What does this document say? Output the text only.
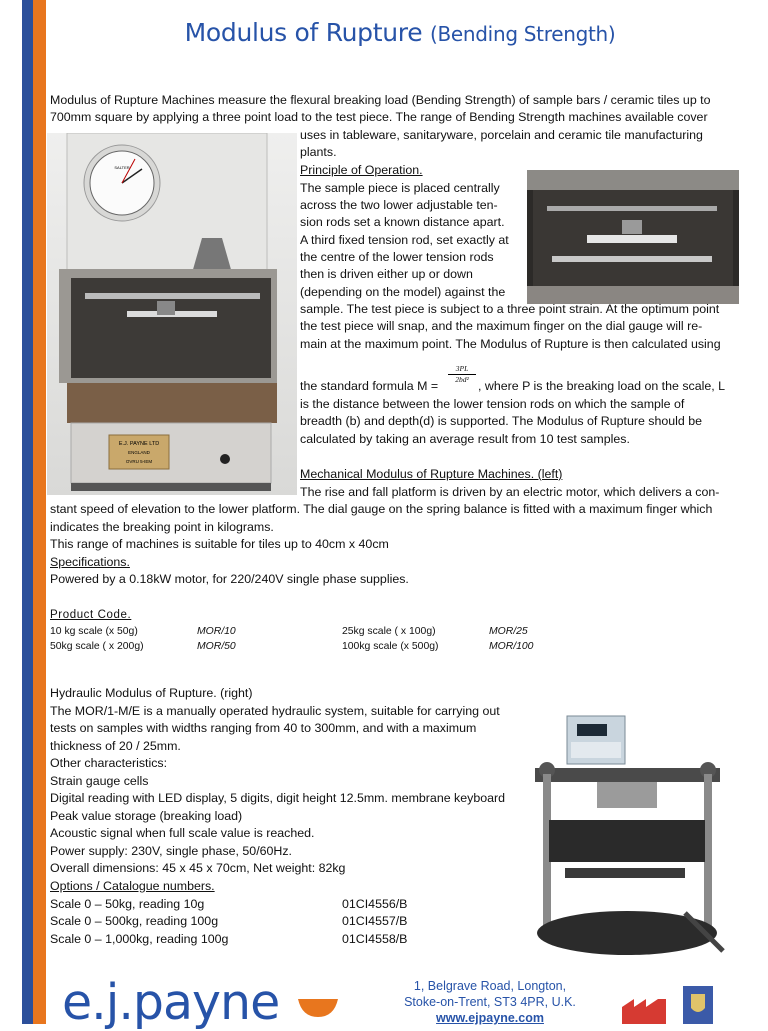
Modulus of Rupture (Bending Strength)
Modulus of Rupture Machines measure the flexural breaking load (Bending Strength) of sample bars / ceramic tiles up to
700mm square by applying a three point load to the test piece. The range of Bending Strength machines available cover
uses in tableware, sanitaryware, porcelain and ceramic tile manufacturing
plants.
SALTER
E.J. PAYNE LTD
ENGLAND
OVRU 5-IEM
Principle of Operation.
The sample piece is placed centrally
across the two lower adjustable ten-
sion rods set a known distance apart.
A third fixed tension rod, set exactly at
the centre of the lower tension rods
then is driven either up or down
(depending on the model) against the
sample. The test piece is subject to a three point strain. At the optimum point
the test piece will snap, and the maximum finger on the dial gauge will re-
main at the maximum point. The Modulus of Rupture is then calculated using
the standard formula M =
$\frac{3PL}{\text{2bd²}}$
, where P is the breaking load on the scale, L
is the distance between the lower tension rods on which the sample of
breadth (b) and depth(d) is supported. The Modulus of Rupture should be
calculated by taking an average result from 10 test samples.
Mechanical Modulus of Rupture Machines. (left)
The rise and fall platform is driven by an electric motor, which delivers a con-
stant speed of elevation to the lower platform. The dial gauge on the spring balance is fitted with a maximum finger which
indicates the breaking point in kilograms.
This range of machines is suitable for tiles up to 40cm x 40cm
Specifications.
Powered by a 0.18kW motor, for 220/240V single phase supplies.
Product Code.
10 kg scale (x 50g)	MOR/10	25kg scale ( x 100g)	MOR/25
50kg scale ( x 200g)	MOR/50	100kg scale (x 500g)	MOR/100
Hydraulic Modulus of Rupture. (right)
The MOR/1-M/E is a manually operated hydraulic system, suitable for carrying out
tests on samples with widths ranging from 40 to 300mm, and with a maximum
thickness of 20 / 25mm.
Other characteristics:
Strain gauge cells
Digital reading with LED display, 5 digits, digit height 12.5mm. membrane keyboard
Peak value storage (breaking load)
Acoustic signal when full scale value is reached.
Power supply: 230V, single phase, 50/60Hz.
Overall dimensions: 45 x 45 x 70cm, Net weight: 82kg
Options / Catalogue numbers.
Scale 0 – 50kg, reading 10g	01CI4556/B
Scale 0 – 500kg, reading 100g	01CI4557/B
Scale 0 – 1,000kg, reading 100g	01CI4558/B
e.j.payne	1, Belgrave Road, Longton,
Stoke-on-Trent, ST3 4PR, U.K.
www.ejpayne.com
